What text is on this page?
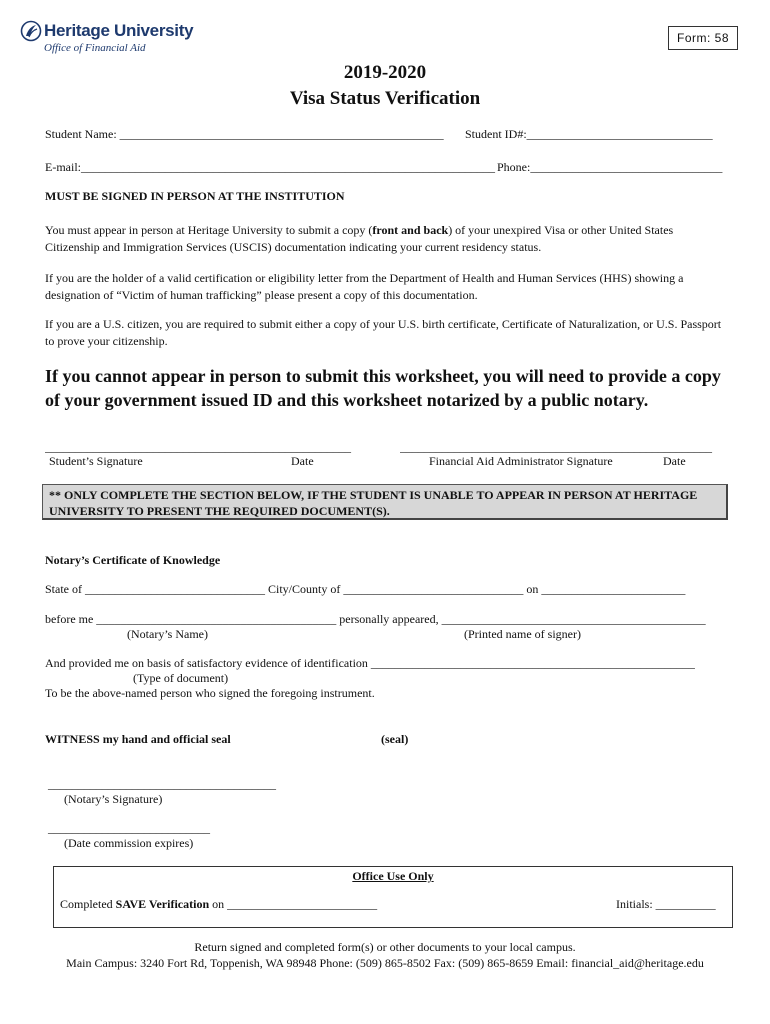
Heritage University
Office of Financial Aid
Form: 58
2019-2020
Visa Status Verification
Student Name: ______________________________________________________ Student ID#:_______________________________
E-mail:_____________________________________________________________________ Phone:________________________________
MUST BE SIGNED IN PERSON AT THE INSTITUTION
You must appear in person at Heritage University to submit a copy (front and back) of your unexpired Visa or other United States Citizenship and Immigration Services (USCIS) documentation indicating your current residency status.
If you are the holder of a valid certification or eligibility letter from the Department of Health and Human Services (HHS) showing a designation of “Victim of human trafficking” please present a copy of this documentation.
If you are a U.S. citizen, you are required to submit either a copy of your U.S. birth certificate, Certificate of Naturalization, or U.S. Passport to prove your citizenship.
If you cannot appear in person to submit this worksheet, you will need to provide a copy of your government issued ID and this worksheet notarized by a public notary.
___________________________________________________	____________________________________________________
Student’s Signature	Date	Financial Aid Administrator Signature	Date
** ONLY COMPLETE THE SECTION BELOW, IF THE STUDENT IS UNABLE TO APPEAR IN PERSON AT HERITAGE UNIVERSITY TO PRESENT THE REQUIRED DOCUMENT(S).
Notary’s Certificate of Knowledge
State of ______________________________ City/County of ______________________________ on ________________________
before me ________________________________________ personally appeared, ____________________________________________
(Notary’s Name)	(Printed name of signer)
And provided me on basis of satisfactory evidence of identification ______________________________________________________
(Type of document)
To be the above-named person who signed the foregoing instrument.
WITNESS my hand and official seal	(seal)
______________________________________
(Notary’s Signature)
___________________________
(Date commission expires)
Office Use Only
Completed SAVE Verification on _________________________	Initials: __________
Return signed and completed form(s) or other documents to your local campus.
Main Campus: 3240 Fort Rd, Toppenish, WA 98948 Phone: (509) 865-8502 Fax: (509) 865-8659 Email: financial_aid@heritage.edu
